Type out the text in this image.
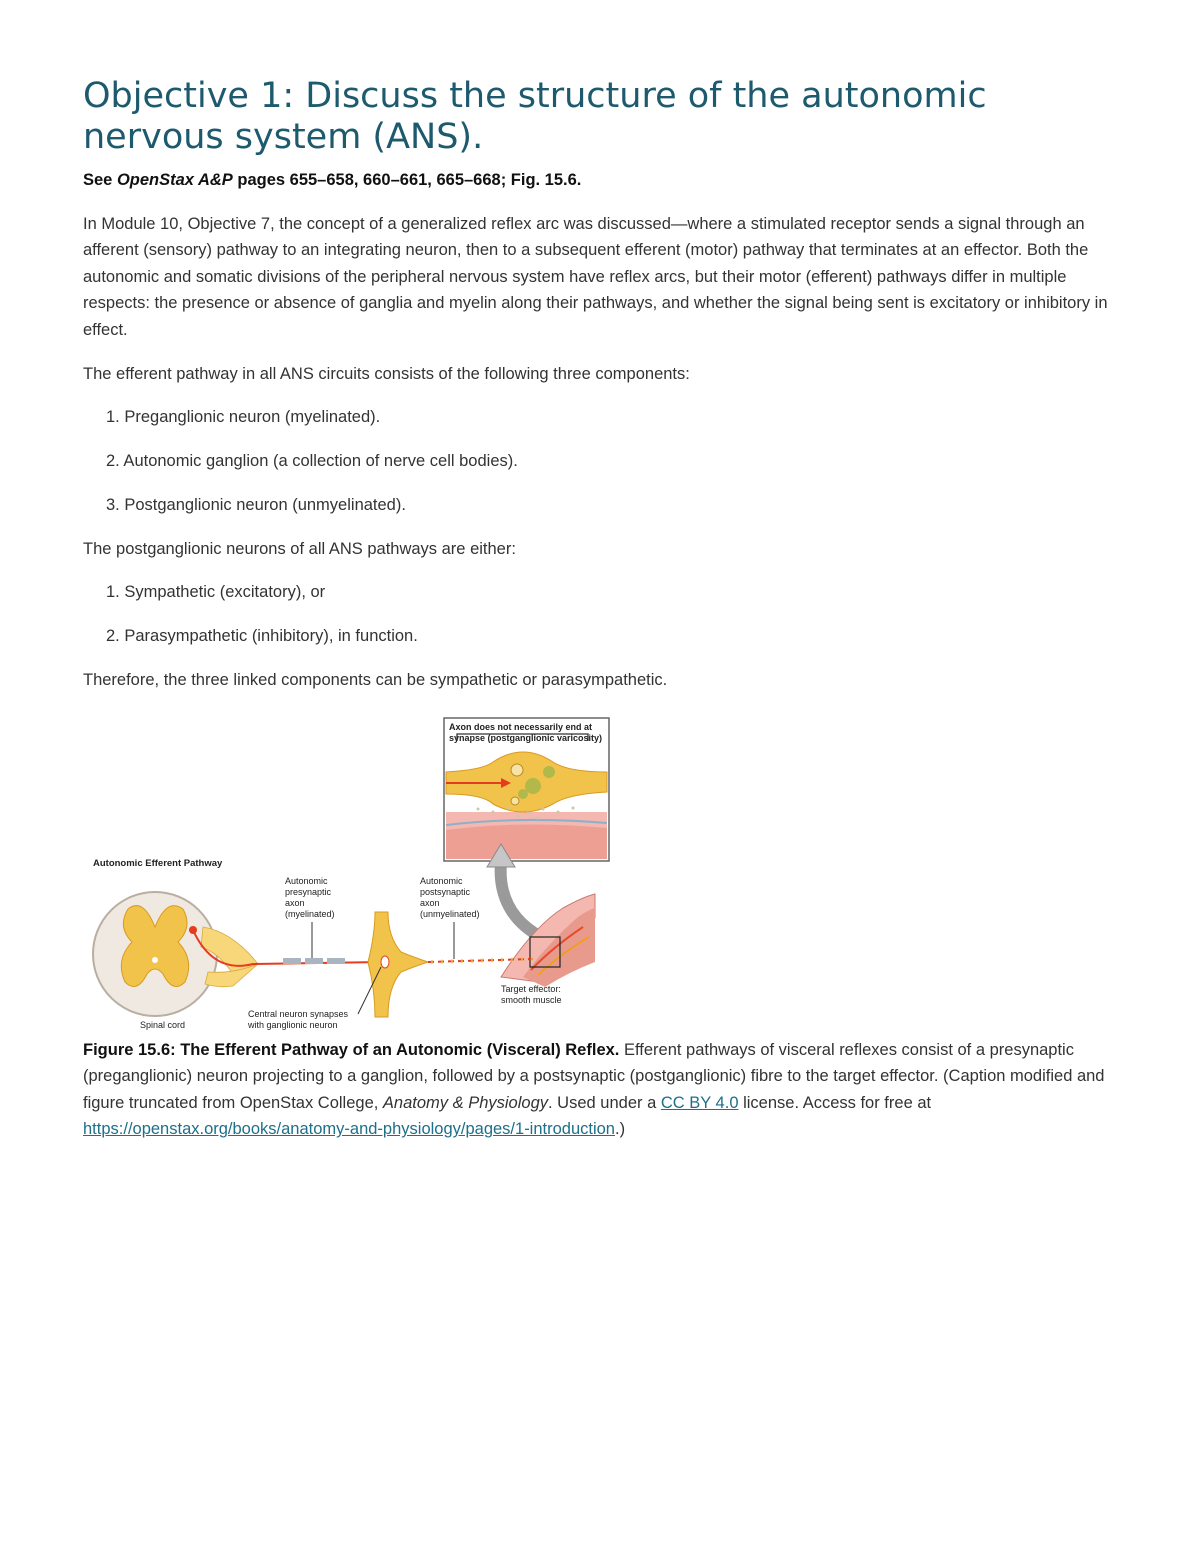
Objective 1: Discuss the structure of the autonomic nervous system (ANS).
See OpenStax A&P pages 655–658, 660–661, 665–668; Fig. 15.6.

In Module 10, Objective 7, the concept of a generalized reflex arc was discussed—where a stimulated receptor sends a signal through an afferent (sensory) pathway to an integrating neuron, then to a subsequent efferent (motor) pathway that terminates at an effector. Both the autonomic and somatic divisions of the peripheral nervous system have reflex arcs, but their motor (efferent) pathways differ in multiple respects: the presence or absence of ganglia and myelin along their pathways, and whether the signal being sent is excitatory or inhibitory in effect.

The efferent pathway in all ANS circuits consists of the following three components:

1. Preganglionic neuron (myelinated).
2. Autonomic ganglion (a collection of nerve cell bodies).
3. Postganglionic neuron (unmyelinated).

The postganglionic neurons of all ANS pathways are either:

1. Sympathetic (excitatory), or
2. Parasympathetic (inhibitory), in function.

Therefore, the three linked components can be sympathetic or parasympathetic.

Axon does not necessarily end at
synapse (postganglionic varicosity)
Autonomic Efferent Pathway
Autonomic
presynaptic
axon
(myelinated)
Autonomic
postsynaptic
axon
(unmyelinated)
Target effector:
smooth muscle
Central neuron synapses
with ganglionic neuron
Spinal cord
Figure 15.6: The Efferent Pathway of an Autonomic (Visceral) Reflex. Efferent pathways of visceral reflexes consist of a presynaptic (preganglionic) neuron projecting to a ganglion, followed by a postsynaptic (postganglionic) fibre to the target effector. (Caption modified and figure truncated from OpenStax College, Anatomy & Physiology. Used under a CC BY 4.0 license. Access for free at https://openstax.org/books/anatomy-and-physiology/pages/1-introduction.)
